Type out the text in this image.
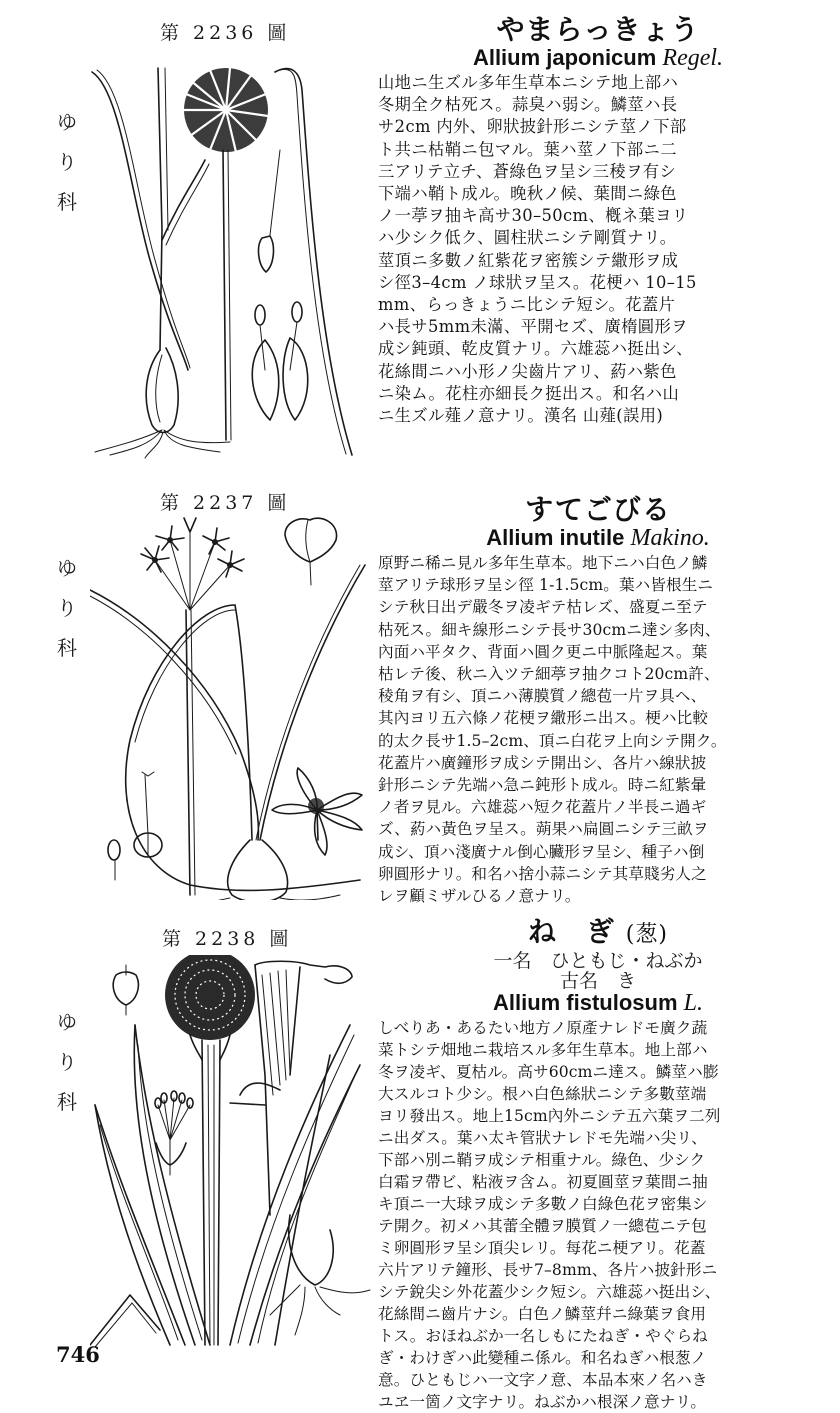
第 2236 圖
ゆ
り
科
やまらっきょう
Allium japonicum Regel.
山地ニ生ズル多年生草本ニシテ地上部ハ
冬期全ク枯死ス。蒜臭ハ弱シ。鱗莖ハ長
サ2cm 内外、卵狀披針形ニシテ莖ノ下部
ト共ニ枯鞘ニ包マル。葉ハ莖ノ下部ニ二
三アリテ立チ、蒼綠色ヲ呈シ三稜ヲ有シ
下端ハ鞘ト成ル。晚秋ノ候、葉間ニ綠色
ノ一葶ヲ抽キ高サ30–50cm、槪ネ葉ヨリ
ハ少シク低ク、圓柱狀ニシテ剛質ナリ。
莖頂ニ多數ノ紅紫花ヲ密簇シテ繖形ヲ成
シ徑3–4cm ノ球狀ヲ呈ス。花梗ハ 10–15
mm、らっきょうニ比シテ短シ。花蓋片
ハ長サ5mm未滿、平開セズ、廣楕圓形ヲ
成シ鈍頭、乾皮質ナリ。六雄蕊ハ挺出シ、
花絲間ニハ小形ノ尖齒片アリ、葯ハ紫色
ニ染ム。花柱亦細長ク挺出ス。和名ハ山
ニ生ズル薤ノ意ナリ。漢名 山薤(誤用)
第 2237 圖
ゆ
り
科
すてごびる
Allium inutile Makino.
原野ニ稀ニ見ル多年生草本。地下ニハ白色ノ鱗
莖アリテ球形ヲ呈シ徑 1-1.5cm。葉ハ皆根生ニ
シテ秋日出デ嚴冬ヲ凌ギテ枯レズ、盛夏ニ至テ
枯死ス。細キ線形ニシテ長サ30cmニ達シ多肉、
內面ハ平タク、背面ハ圓ク更ニ中脈隆起ス。葉
枯レテ後、秋ニ入ツテ細葶ヲ抽クコト20cm許、
稜角ヲ有シ、頂ニハ薄膜質ノ總苞一片ヲ具ヘ、
其內ヨリ五六條ノ花梗ヲ繖形ニ出ス。梗ハ比較
的太ク長サ1.5–2cm、頂ニ白花ヲ上向シテ開ク。
花蓋片ハ廣鐘形ヲ成シテ開出シ、各片ハ線狀披
針形ニシテ先端ハ急ニ鈍形ト成ル。時ニ紅紫暈
ノ者ヲ見ル。六雄蕊ハ短ク花蓋片ノ半長ニ過ギ
ズ、葯ハ黃色ヲ呈ス。蒴果ハ扁圓ニシテ三畝ヲ
成シ、頂ハ淺廣ナル倒心臟形ヲ呈シ、種子ハ倒
卵圓形ナリ。和名ハ捨小蒜ニシテ其草賤劣人之
レヲ顧ミザルひるノ意ナリ。
第 2238 圖
ゆ
り
科
ね　ぎ (葱)
一名　ひともじ・ねぶか
古名　き
Allium fistulosum L.
しべりあ・あるたい地方ノ原產ナレドモ廣ク蔬
菜トシテ畑地ニ栽培スル多年生草本。地上部ハ
冬ヲ凌ギ、夏枯ル。高サ60cmニ達ス。鱗莖ハ膨
大スルコト少シ。根ハ白色絲狀ニシテ多數莖端
ヨリ發出ス。地上15cm內外ニシテ五六葉ヲ二列
ニ出ダス。葉ハ太キ管狀ナレドモ先端ハ尖リ、
下部ハ別ニ鞘ヲ成シテ相重ナル。綠色、少シク
白霜ヲ帶ビ、粘液ヲ含ム。初夏圓莖ヲ葉間ニ抽
キ頂ニ一大球ヲ成シテ多數ノ白綠色花ヲ密集シ
テ開ク。初メハ其蕾全體ヲ膜質ノ一總苞ニテ包
ミ卵圓形ヲ呈シ頂尖レリ。每花ニ梗アリ。花蓋
六片アリテ鐘形、長サ7–8mm、各片ハ披針形ニ
シテ銳尖シ外花蓋少シク短シ。六雄蕊ハ挺出シ、
花絲間ニ齒片ナシ。白色ノ鱗莖幷ニ綠葉ヲ食用
トス。おほねぶか一名しもにたねぎ・やぐらね
ぎ・わけぎハ此變種ニ係ル。和名ねぎハ根葱ノ
意。ひともじハ一文字ノ意、本品本來ノ名ハき
ユヱ一箇ノ文字ナリ。ねぶかハ根深ノ意ナリ。
746
